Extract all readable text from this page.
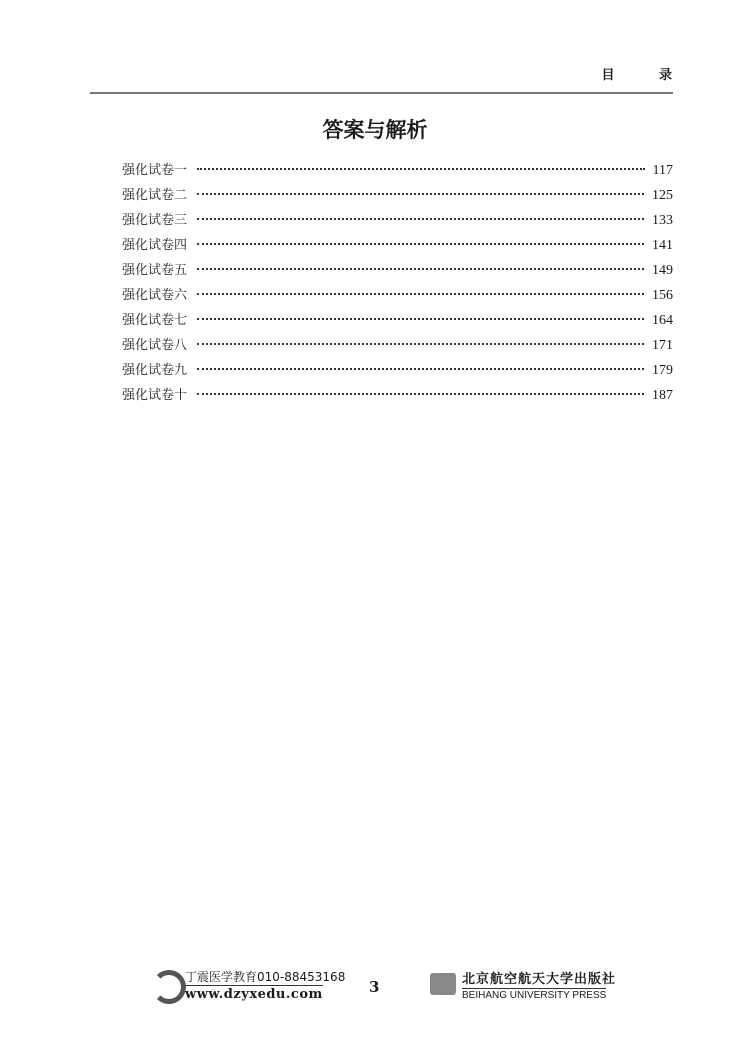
目 录
答案与解析
强化试卷一	117
强化试卷二	125
强化试卷三	133
强化试卷四	141
强化试卷五	149
强化试卷六	156
强化试卷七	164
强化试卷八	171
强化试卷九	179
强化试卷十	187
丁震医学教育010-88453168
www.dzyxedu.com	3	北京航空航天大学出版社
BEIHANG UNIVERSITY PRESS
